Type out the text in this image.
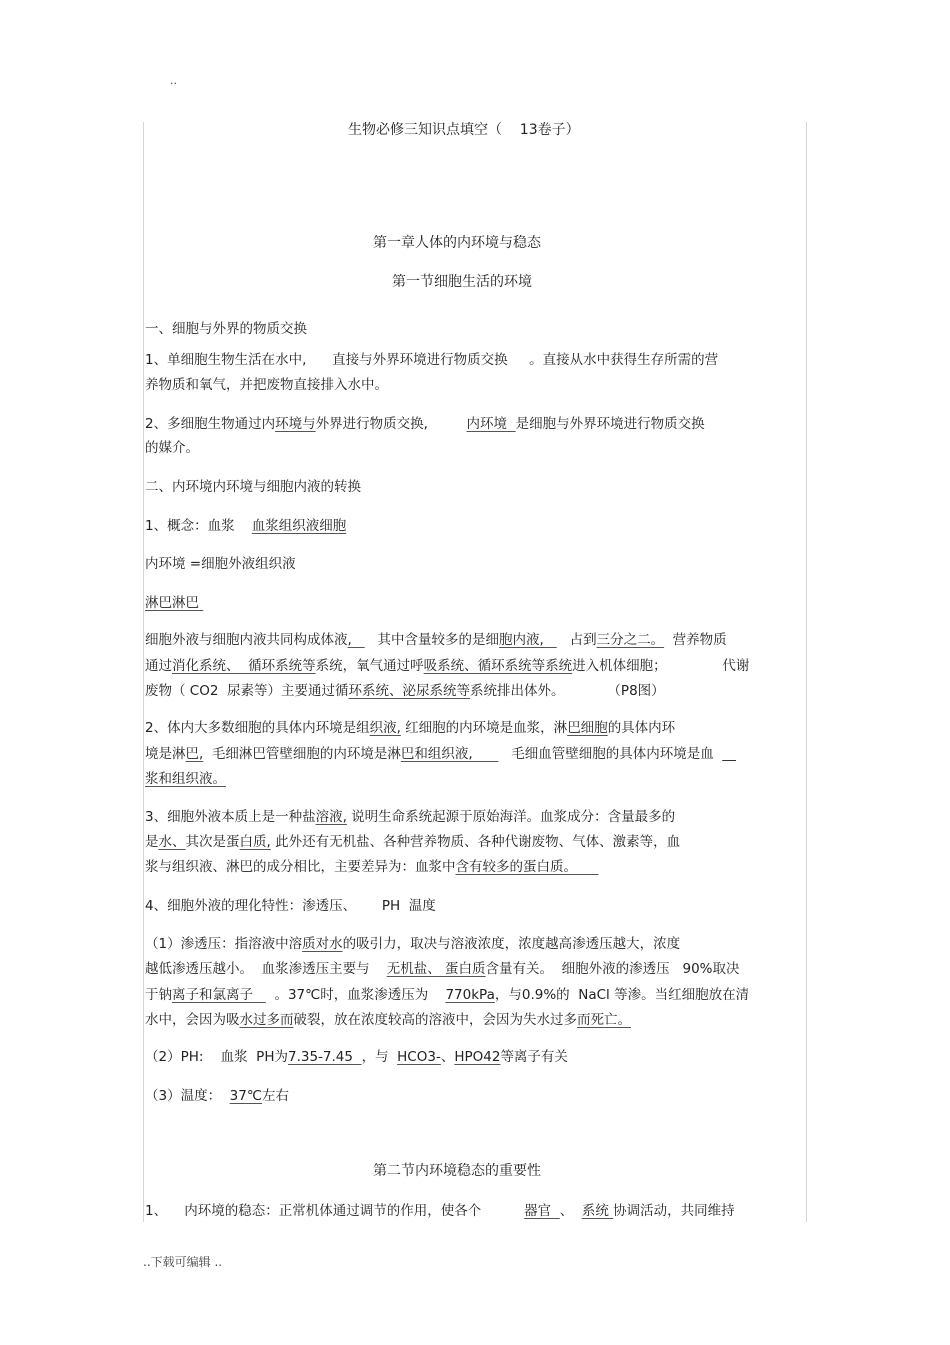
..
生物必修三知识点填空（    13卷子）
第一章人体的内环境与稳态
第一节细胞生活的环境
第二节内环境稳态的重要性
一、细胞与外界的物质交换
1、单细胞生物生活在水中,      直接与外界环境进行物质交换     。直接从水中获得生存所需的营
养物质和氧气，并把废物直接排入水中。
2、多细胞生物通过内环境与外界进行物质交换,         内环境  是细胞与外界环境进行物质交换
的媒介。
二、内环境内环境与细胞内液的转换
1、概念：血浆    血浆组织液细胞
内环境 =细胞外液组织液
淋巴淋巴
细胞外液与细胞内液共同构成体液,      其中含量较多的是细胞内液,      占到三分之二。  营养物质
通过消化系统、  循环系统等系统，氧气通过呼吸系统、循环系统等系统进入机体细胞；             代谢
废物（ CO2  尿素等）主要通过循环系统、泌尿系统等系统排出体外。          （P8图）
2、体内大多数细胞的具体内环境是组织液, 红细胞的内环境是血浆，淋巴细胞的具体内环
境是淋巴,  毛细淋巴管壁细胞的内环境是淋巴和组织液,         毛细血管壁细胞的具体内环境是血  __
浆和组织液。
3、细胞外液本质上是一种盐溶液, 说明生命系统起源于原始海洋。血浆成分：含量最多的
是水、其次是蛋白质, 此外还有无机盐、各种营养物质、各种代谢废物、气体、激素等，血
浆与组织液、淋巴的成分相比，主要差异为：血浆中含有较多的蛋白质。
4、细胞外液的理化特性：渗透压、      PH  温度
（1）渗透压：指溶液中溶质对水的吸引力，取决与溶液浓度，浓度越高渗透压越大，浓度
越低渗透压越小。  血浆渗透压主要与    无机盐、 蛋白质含量有关。  细胞外液的渗透压   90%取决
于钠离子和氯离子     。37℃时，血浆渗透压为    770kPa，与0.9%的  NaCl 等渗。当红细胞放在清
水中，会因为吸水过多而破裂，放在浓度较高的溶液中，会因为失水过多而死亡。
（2）PH:    血浆  PH为7.35-7.45  ，与  HCO3-、HPO42等离子有关
（3）温度：  37℃左右
1、    内环境的稳态：正常机体通过调节的作用，使各个          器官  、  系统 协调活动，共同维持
..下载可编辑 ..
